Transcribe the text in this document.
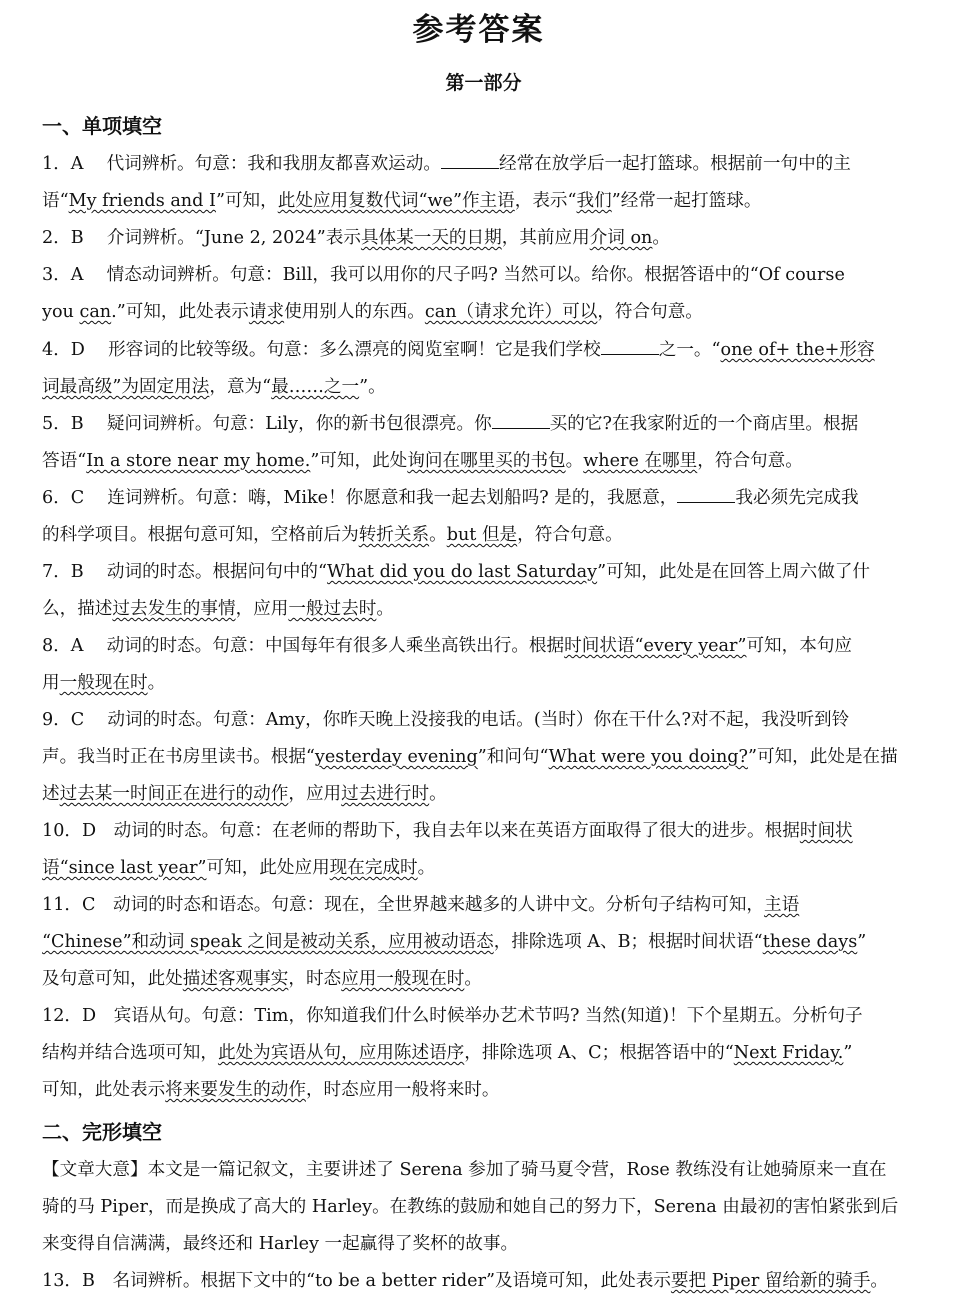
参考答案
第一部分
一、单项填空
二、完形填空
1．A　 代词辨析。句意：我和我朋友都喜欢运动。	经常在放学后一起打篮球。根据前一句中的主
语“My friends and I”可知，此处应用复数代词“we”作主语，表示“我们”经常一起打篮球。
2．B　 介词辨析。“June 2, 2024”表示具体某一天的日期，其前应用介词 on。
3．A　 情态动词辨析。句意：Bill，我可以用你的尺子吗? 当然可以。给你。根据答语中的“Of course
you can.”可知，此处表示请求使用别人的东西。can（请求允许）可以，符合句意。
4．D　 形容词的比较等级。句意：多么漂亮的阅览室啊！它是我们学校	之一。“one of+ the+形容
词最高级”为固定用法，意为“最……之一”。
5．B　 疑问词辨析。句意：Lily，你的新书包很漂亮。你	买的它?在我家附近的一个商店里。根据
答语“In a store near my home.”可知，此处询问在哪里买的书包。where 在哪里，符合句意。
6．C　 连词辨析。句意：嗨，Mike！你愿意和我一起去划船吗? 是的，我愿意，	我必须先完成我
的科学项目。根据句意可知，空格前后为转折关系。but 但是，符合句意。
7．B　 动词的时态。根据问句中的“What did you do last Saturday”可知，此处是在回答上周六做了什
么，描述过去发生的事情，应用一般过去时。
8．A　 动词的时态。句意：中国每年有很多人乘坐高铁出行。根据时间状语“every year”可知，本句应
用一般现在时。
9．C　 动词的时态。句意：Amy，你昨天晚上没接我的电话。(当时）你在干什么?对不起，我没听到铃
声。我当时正在书房里读书。根据“yesterday evening”和问句“What were you doing?”可知，此处是在描
述过去某一时间正在进行的动作，应用过去进行时。
10．D　动词的时态。句意：在老师的帮助下，我自去年以来在英语方面取得了很大的进步。根据时间状
语“since last year”可知，此处应用现在完成时。
11．C　动词的时态和语态。句意：现在，全世界越来越多的人讲中文。分析句子结构可知，主语
“Chinese”和动词 speak 之间是被动关系，应用被动语态，排除选项 A、B；根据时间状语“these days”
及句意可知，此处描述客观事实，时态应用一般现在时。
12．D　宾语从句。句意：Tim，你知道我们什么时候举办艺术节吗? 当然(知道)！下个星期五。分析句子
结构并结合选项可知，此处为宾语从句，应用陈述语序，排除选项 A、C；根据答语中的“Next Friday.”
可知，此处表示将来要发生的动作，时态应用一般将来时。
【文章大意】本文是一篇记叙文，主要讲述了 Serena 参加了骑马夏令营，Rose 教练没有让她骑原来一直在
骑的马 Piper，而是换成了高大的 Harley。在教练的鼓励和她自己的努力下，Serena 由最初的害怕紧张到后
来变得自信满满，最终还和 Harley 一起赢得了奖杯的故事。
13．B　名词辨析。根据下文中的“to be a better rider”及语境可知，此处表示要把 Piper 留给新的骑手。
